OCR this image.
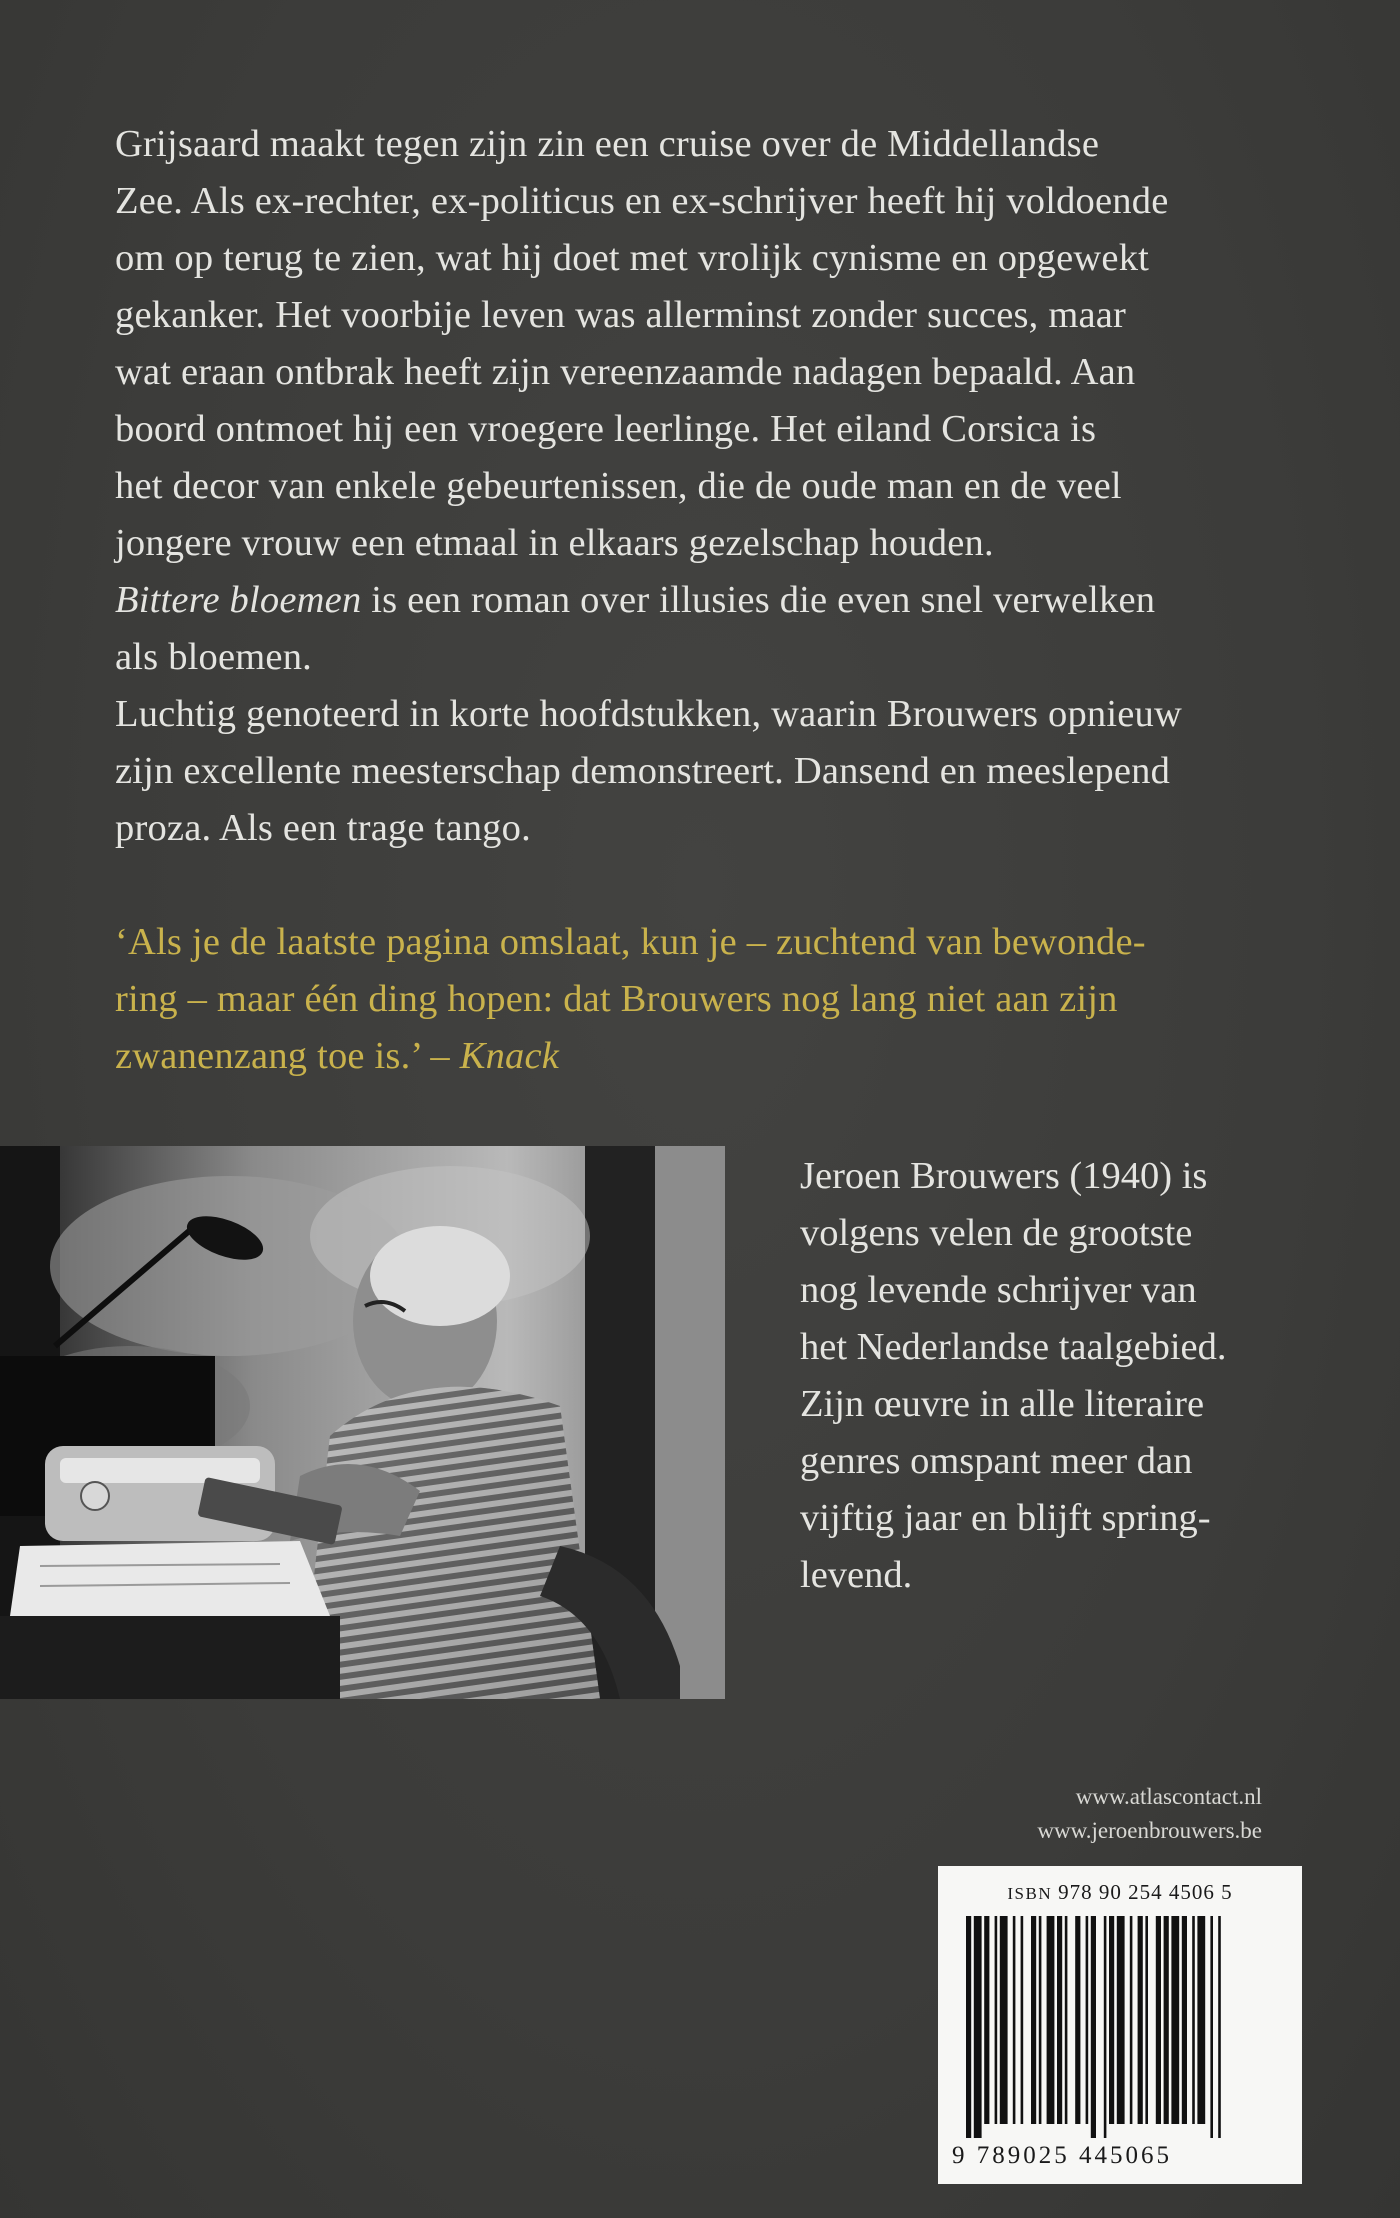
Grijsaard maakt tegen zijn zin een cruise over de Middellandse

Zee. Als ex-rechter, ex-politicus en ex-schrijver heeft hij voldoende

om op terug te zien, wat hij doet met vrolijk cynisme en opgewekt

gekanker. Het voorbije leven was allerminst zonder succes, maar

wat eraan ontbrak heeft zijn vereenzaamde nadagen bepaald. Aan

boord ontmoet hij een vroegere leerlinge. Het eiland Corsica is

het decor van enkele gebeurtenissen, die de oude man en de veel

jongere vrouw een etmaal in elkaars gezelschap houden.

Bittere bloemen is een roman over illusies die even snel verwelken

als bloemen.

Luchtig genoteerd in korte hoofdstukken, waarin Brouwers opnieuw

zijn excellente meesterschap demonstreert. Dansend en meeslepend

proza. Als een trage tango.

‘Als je de laatste pagina omslaat, kun je – zuchtend van bewonde-
ring – maar één ding hopen: dat Brouwers nog lang niet aan zijn
zwanenzang toe is.’ – Knack
Jeroen Brouwers (1940) is
volgens velen de grootste
nog levende schrijver van
het Nederlandse taalgebied.
Zijn œuvre in alle literaire
genres omspant meer dan
vijftig jaar en blijft spring-
levend.
www.atlascontact.nl
www.jeroenbrouwers.be
ISBN 978 90 254 4506 5
9 789025 445065
